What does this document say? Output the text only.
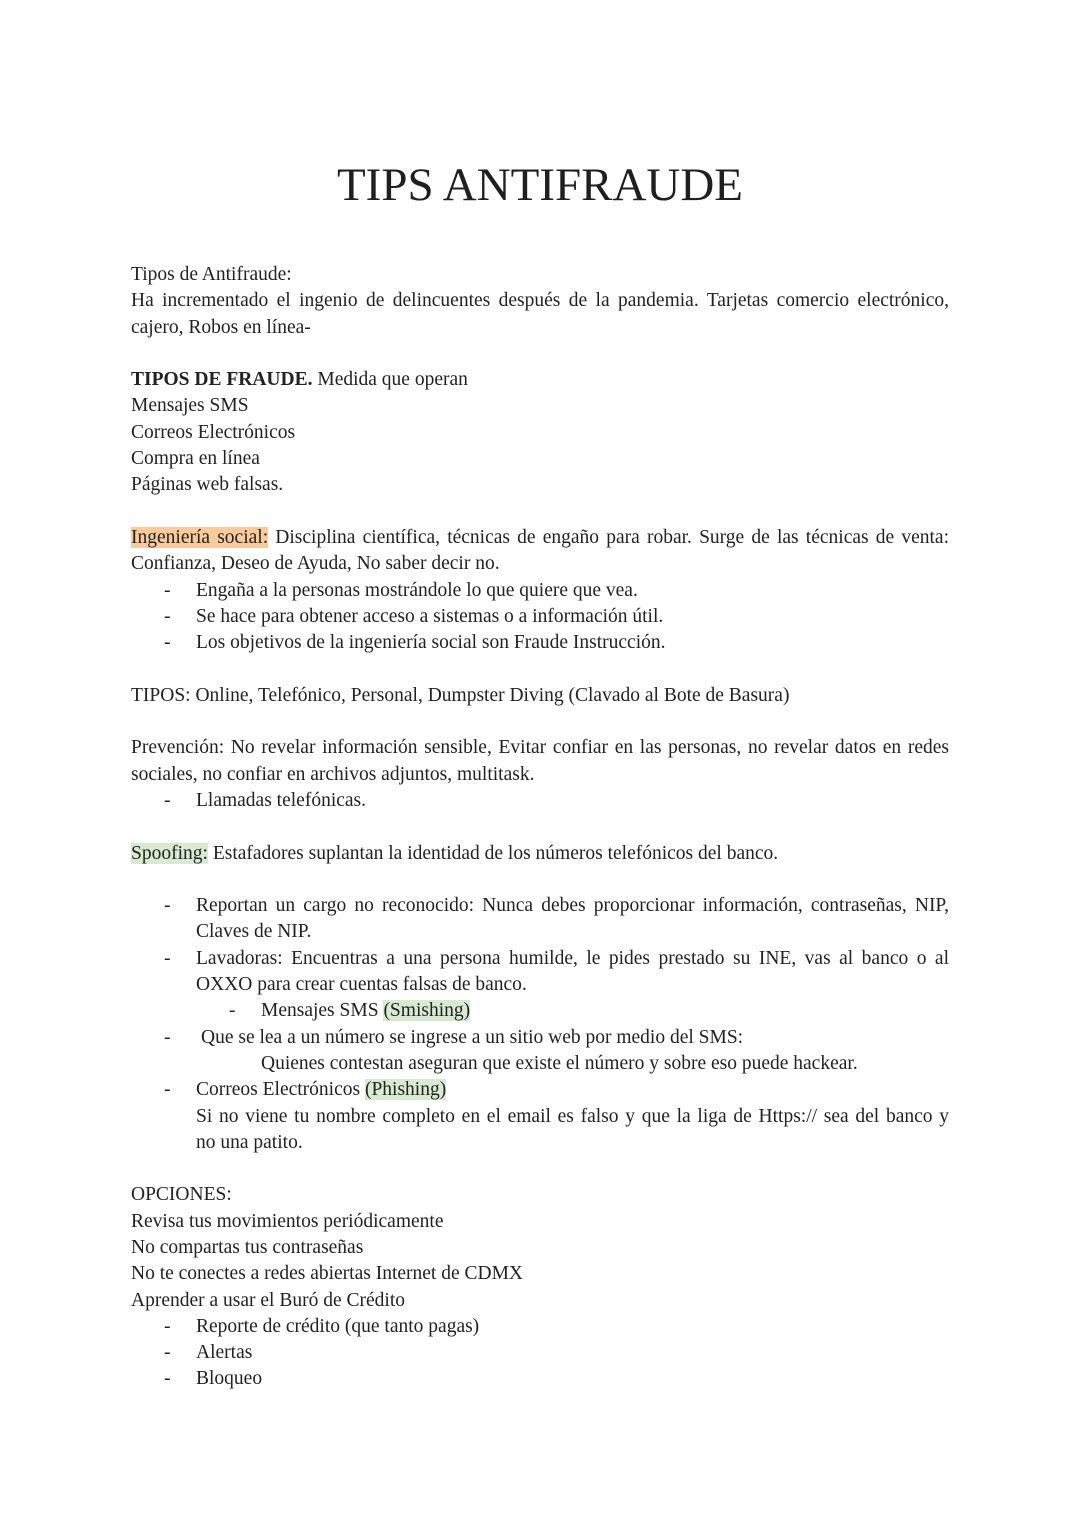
TIPS ANTIFRAUDE
Tipos de Antifraude:
Ha incrementado el ingenio de delincuentes después de la pandemia. Tarjetas comercio electrónico,
cajero, Robos en línea-
TIPOS DE FRAUDE. Medida que operan
Mensajes SMS
Correos Electrónicos
Compra en línea
Páginas web falsas.
Ingeniería social: Disciplina científica, técnicas de engaño para robar. Surge de las técnicas de venta:
Confianza, Deseo de Ayuda, No saber decir no.
-	Engaña a la personas mostrándole lo que quiere que vea.
-	Se hace para obtener acceso a sistemas o a información útil.
-	Los objetivos de la ingeniería social son Fraude Instrucción.
TIPOS: Online, Telefónico, Personal, Dumpster Diving (Clavado al Bote de Basura)
Prevención: No revelar información sensible, Evitar confiar en las personas, no revelar datos en redes
sociales, no confiar en archivos adjuntos, multitask.
-	Llamadas telefónicas.
Spoofing: Estafadores suplantan la identidad de los números telefónicos del banco.
-	Reportan un cargo no reconocido: Nunca debes proporcionar información, contraseñas, NIP,
Claves de NIP.
-	Lavadoras: Encuentras a una persona humilde, le pides prestado su INE, vas al banco o al
OXXO para crear cuentas falsas de banco.
-	Mensajes SMS (Smishing)
-	Que se lea a un número se ingrese a un sitio web por medio del SMS:
Quienes contestan aseguran que existe el número y sobre eso puede hackear.
-	Correos Electrónicos (Phishing)
Si no viene tu nombre completo en el email es falso y que la liga de Https:// sea del banco y
no una patito.
OPCIONES:
Revisa tus movimientos periódicamente
No compartas tus contraseñas
No te conectes a redes abiertas Internet de CDMX
Aprender a usar el Buró de Crédito
-	Reporte de crédito (que tanto pagas)
-	Alertas
-	Bloqueo
